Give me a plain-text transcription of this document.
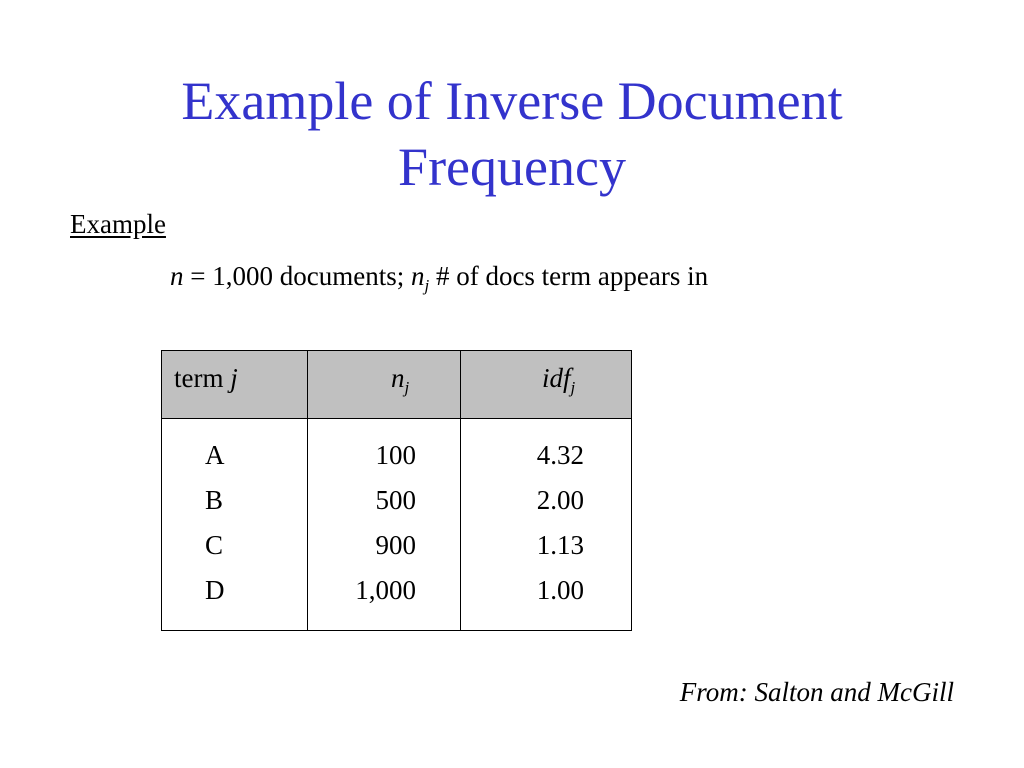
Example of Inverse Document
Frequency
Example
n = 1,000 documents; $n_j$ # of docs term appears in
term j	$n_j$	idf$_j$
A
B
C
D
100
500
900
1,000
4.32
2.00
1.13
1.00
From: Salton and McGill
